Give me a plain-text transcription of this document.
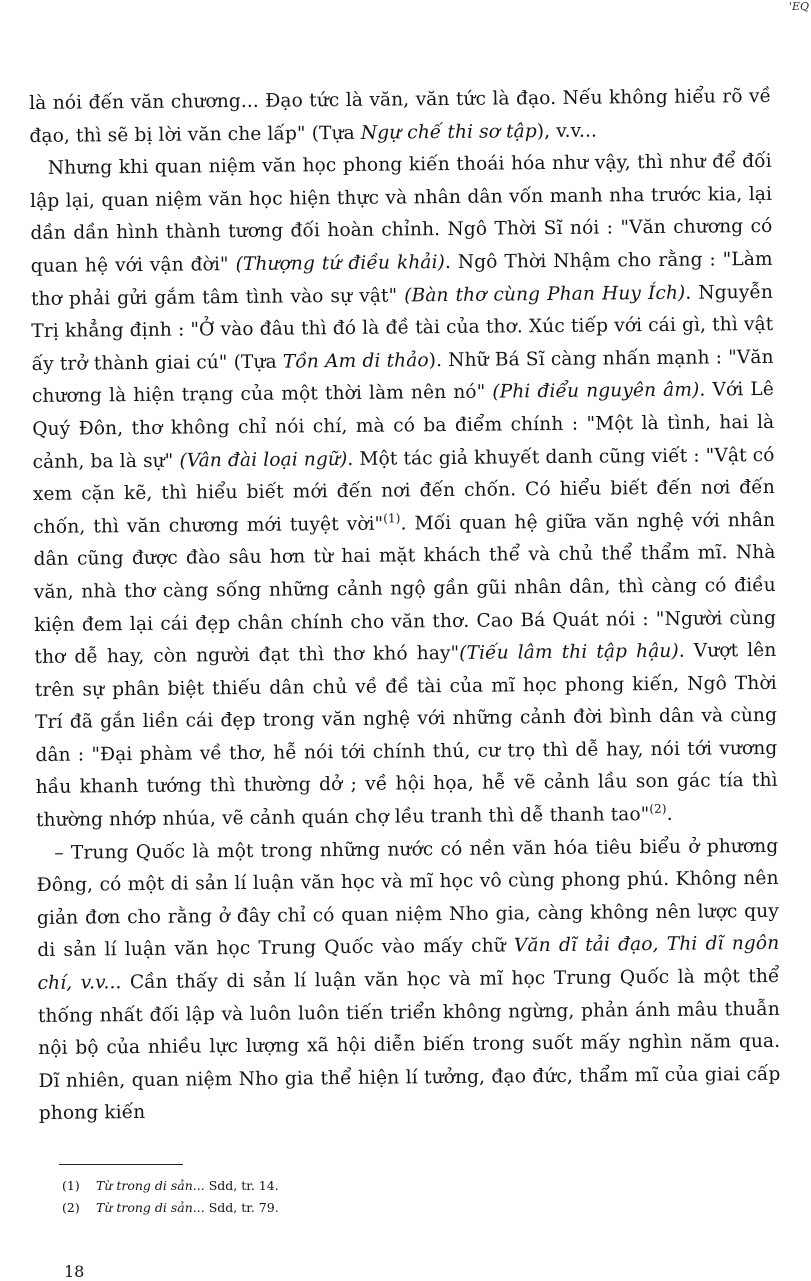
'EQ

là nói đến văn chương... Đạo tức là văn, văn tức là đạo. Nếu không hiểu rõ về đạo, thì sẽ bị lời văn che lấp" (Tựa Ngự chế thi sơ tập), v.v...

Nhưng khi quan niệm văn học phong kiến thoái hóa như vậy, thì như để đối lập lại, quan niệm văn học hiện thực và nhân dân vốn manh nha trước kia, lại dần dần hình thành tương đối hoàn chỉnh. Ngô Thời Sĩ nói : "Văn chương có quan hệ với vận đời" (Thượng tứ điều khải). Ngô Thời Nhậm cho rằng : "Làm thơ phải gửi gắm tâm tình vào sự vật" (Bàn thơ cùng Phan Huy Ích). Nguyễn Trị khẳng định : "Ở vào đâu thì đó là đề tài của thơ. Xúc tiếp với cái gì, thì vật ấy trở thành giai cú" (Tựa Tồn Am di thảo). Nhữ Bá Sĩ càng nhấn mạnh : "Văn chương là hiện trạng của một thời làm nên nó" (Phi điểu nguyên âm). Với Lê Quý Đôn, thơ không chỉ nói chí, mà có ba điểm chính : "Một là tình, hai là cảnh, ba là sự" (Vân đài loại ngữ). Một tác giả khuyết danh cũng viết : "Vật có xem cặn kẽ, thì hiểu biết mới đến nơi đến chốn. Có hiểu biết đến nơi đến chốn, thì văn chương mới tuyệt vời"$^{(1)}$. Mối quan hệ giữa văn nghệ với nhân dân cũng được đào sâu hơn từ hai mặt khách thể và chủ thể thẩm mĩ. Nhà văn, nhà thơ càng sống những cảnh ngộ gần gũi nhân dân, thì càng có điều kiện đem lại cái đẹp chân chính cho văn thơ. Cao Bá Quát nói : "Người cùng thơ dễ hay, còn người đạt thì thơ khó hay"(Tiếu lâm thi tập hậu). Vượt lên trên sự phân biệt thiếu dân chủ về đề tài của mĩ học phong kiến, Ngô Thời Trí đã gắn liền cái đẹp trong văn nghệ với những cảnh đời bình dân và cùng dân : "Đại phàm về thơ, hễ nói tới chính thú, cư trọ thì dễ hay, nói tới vương hầu khanh tướng thì thường dở ; về hội họa, hễ vẽ cảnh lầu son gác tía thì thường nhớp nhúa, vẽ cảnh quán chợ lều tranh thì dễ thanh tao"$^{(2)}$.

– Trung Quốc là một trong những nước có nền văn hóa tiêu biểu ở phương Đông, có một di sản lí luận văn học và mĩ học vô cùng phong phú. Không nên giản đơn cho rằng ở đây chỉ có quan niệm Nho gia, càng không nên lược quy di sản lí luận văn học Trung Quốc vào mấy chữ Văn dĩ tải đạo, Thi dĩ ngôn chí, v.v... Cần thấy di sản lí luận văn học và mĩ học Trung Quốc là một thể thống nhất đối lập và luôn luôn tiến triển không ngừng, phản ánh mâu thuẫn nội bộ của nhiều lực lượng xã hội diễn biến trong suốt mấy nghìn năm qua. Dĩ nhiên, quan niệm Nho gia thể hiện lí tưởng, đạo đức, thẩm mĩ của giai cấp phong kiến

(1) Từ trong di sản... Sdd, tr. 14.
(2) Từ trong di sản... Sdd, tr. 79.
18
